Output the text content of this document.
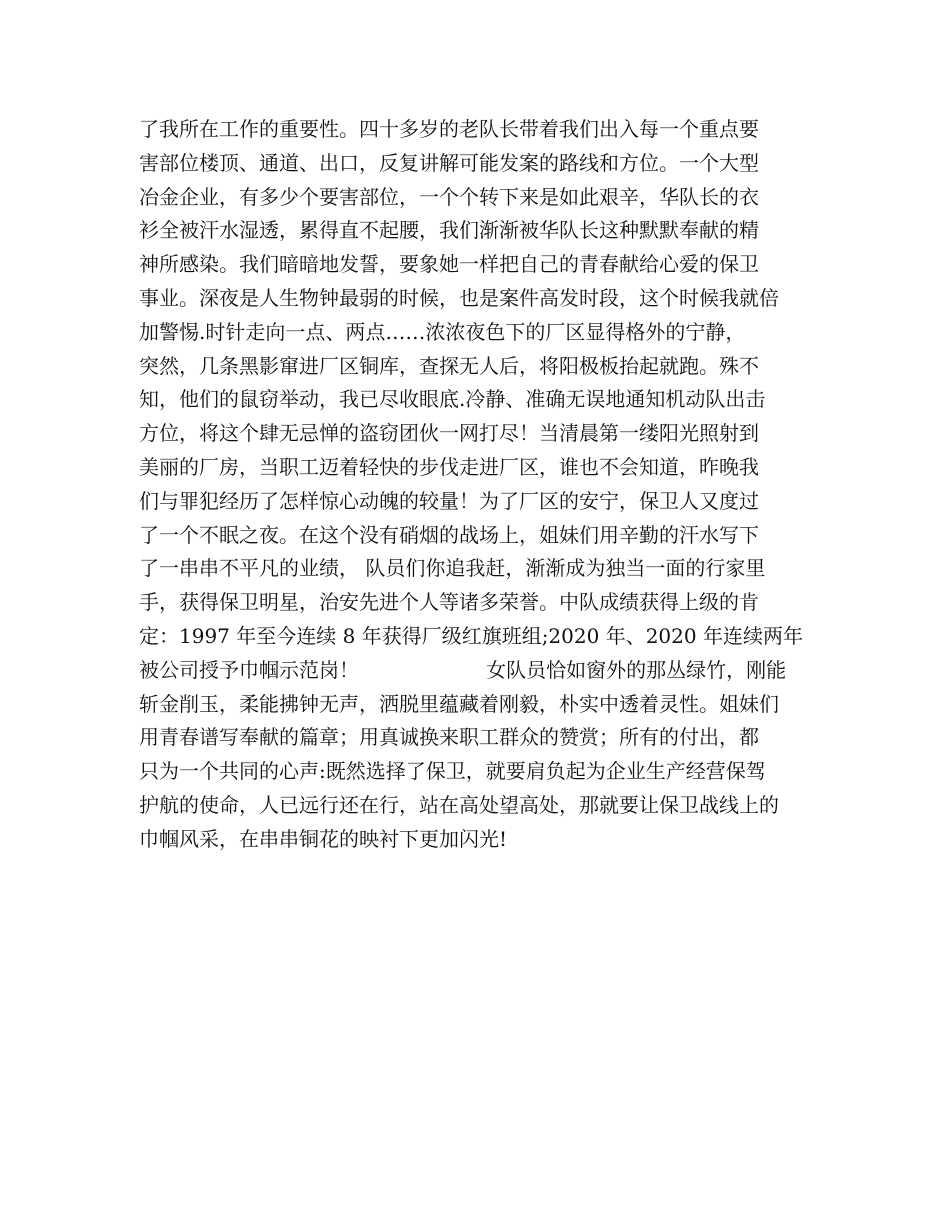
了我所在工作的重要性。四十多岁的老队长带着我们出入每一个重点要
害部位楼顶、通道、出口，反复讲解可能发案的路线和方位。一个大型
冶金企业，有多少个要害部位，一个个转下来是如此艰辛，华队长的衣
衫全被汗水湿透，累得直不起腰，我们渐渐被华队长这种默默奉献的精
神所感染。我们暗暗地发誓，要象她一样把自己的青春献给心爱的保卫
事业。深夜是人生物钟最弱的时候，也是案件高发时段，这个时候我就倍
加警惕.时针走向一点、两点……浓浓夜色下的厂区显得格外的宁静，
突然，几条黑影窜进厂区铜库，查探无人后，将阳极板抬起就跑。殊不
知，他们的鼠窃举动，我已尽收眼底.冷静、准确无误地通知机动队出击
方位，将这个肆无忌惮的盗窃团伙一网打尽！当清晨第一缕阳光照射到
美丽的厂房，当职工迈着轻快的步伐走进厂区，谁也不会知道，昨晚我
们与罪犯经历了怎样惊心动魄的较量！为了厂区的安宁，保卫人又度过
了一个不眠之夜。在这个没有硝烟的战场上，姐妹们用辛勤的汗水写下
了一串串不平凡的业绩， 队员们你追我赶，渐渐成为独当一面的行家里
手，获得保卫明星，治安先进个人等诸多荣誉。中队成绩获得上级的肯
定：1997 年至今连续 8 年获得厂级红旗班组;2020 年、2020 年连续两年
被公司授予巾帼示范岗！                    女队员恰如窗外的那丛绿竹，刚能
斩金削玉，柔能拂钟无声，洒脱里蕴藏着刚毅，朴实中透着灵性。姐妹们
用青春谱写奉献的篇章；用真诚换来职工群众的赞赏；所有的付出，都
只为一个共同的心声:既然选择了保卫，就要肩负起为企业生产经营保驾
护航的使命，人已远行还在行，站在高处望高处，那就要让保卫战线上的
巾帼风采，在串串铜花的映衬下更加闪光!
